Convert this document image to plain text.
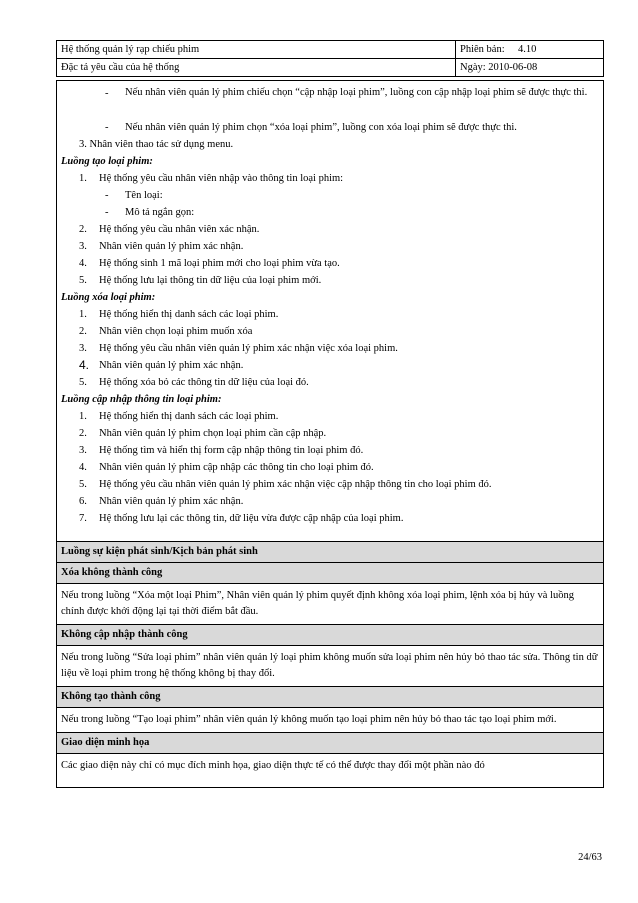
Hệ thống quản lý rạp chiếu phim	Phiên bản: 4.10
Đặc tả yêu cầu của hệ thống	Ngày: 2010-06-08
- Nếu nhân viên quản lý phim chiếu chọn “cập nhập loại phim”, luồng con cập nhập loại phim sẽ được thực thi.
- Nếu nhân viên quản lý phim chọn “xóa loại phim”, luồng con xóa loại phim sẽ được thực thi.
3. Nhân viên thao tác sử dụng menu.
Luồng tạo loại phim:
1. Hệ thống yêu cầu nhân viên nhập vào thông tin loại phim:
- Tên loại:
- Mô tả ngắn gọn:
2. Hệ thống yêu cầu nhân viên xác nhận.
3. Nhân viên quản lý phim xác nhận.
4. Hệ thống sinh 1 mã loại phim mới cho loại phim vừa tạo.
5. Hệ thống lưu lại thông tin dữ liệu của loại phim mới.
Luồng xóa loại phim:
1. Hệ thống hiển thị danh sách các loại phim.
2. Nhân viên chọn loại phim muốn xóa
3. Hệ thống yêu cầu nhân viên quản lý phim xác nhận việc xóa loại phim.
4. Nhân viên quản lý phim xác nhận.
5. Hệ thống xóa bỏ các thông tin dữ liệu của loại đó.
Luồng cập nhập thông tin loại phim:
1. Hệ thống hiển thị danh sách các loại phim.
2. Nhân viên quản lý phim chọn loại phim cần cập nhập.
3. Hệ thống tìm và hiển thị form cập nhập thông tin loại phim đó.
4. Nhân viên quản lý phim cập nhập các thông tin cho loại phim đó.
5. Hệ thống yêu cầu nhân viên quản lý phim xác nhận việc cập nhập thông tin cho loại phim đó.
6. Nhân viên quản lý phim xác nhận.
7. Hệ thống lưu lại các thông tin, dữ liệu vừa được cập nhập của loại phim.
Luồng sự kiện phát sinh/Kịch bản phát sinh
Xóa không thành công
Nếu trong luồng “Xóa một loại Phim”, Nhân viên quản lý phim quyết định không xóa loại phim, lệnh xóa bị hủy và luồng chính được khởi động lại tại thời điểm bắt đầu.
Không cập nhập thành công
Nếu trong luồng “Sửa loại phim” nhân viên quản lý loại phim không muốn sửa loại phim nên hủy bỏ thao tác sửa. Thông tin dữ liệu về loại phim trong hệ thống không bị thay đổi.
Không tạo thành công
Nếu trong luồng “Tạo loại phim” nhân viên quản lý không muốn tạo loại phim nên hủy bỏ thao tác tạo loại phim mới.
Giao diện minh họa
Các giao diện này chỉ có mục đích minh họa, giao diện thực tế có thể được thay đổi một phần nào đó
24/63
